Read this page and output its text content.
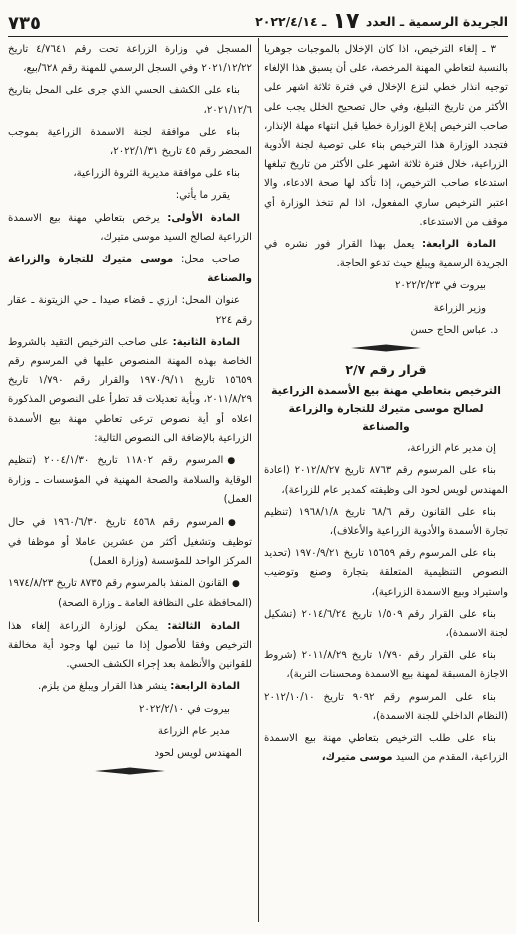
الجريدة الرسمية ـ العدد ١٧ ـ ٢٠٢٢/٤/١٤
٧٣٥

٣ ـ إلغاء الترخيص، اذا كان الإخلال بالموجبات جوهريا بالنسبة لتعاطي المهنة المرخصة، على أن يسبق هذا الإلغاء توجيه انذار خطي لنزع الإخلال في فترة ثلاثة اشهر على الأكثر من تاريخ التبليغ، وفي حال تصحيح الخلل يجب على صاحب الترخيص إبلاغ الوزارة خطيا قبل انتهاء مهلة الإنذار، فتجدد الوزارة هذا الترخيص بناء على توصية لجنة الأدوية الزراعية، خلال فترة ثلاثة اشهر على الأكثر من تاريخ تبلغها استدعاء صاحب الترخيص، إذا تأكد لها صحة الادعاء، والا اعتبر الترخيص ساري المفعول، اذا لم تتخذ الوزارة أي موقف من الاستدعاء.

المادة الرابعة: يعمل بهذا القرار فور نشره في الجريدة الرسمية ويبلغ حيث تدعو الحاجة.

بيروت في ٢٠٢٢/٢/٢٣

وزير الزراعة

د. عباس الحاج حسن

قرار رقم ٢/٧

الترخيص بتعاطي مهنة بيع الأسمدة الزراعية لصالح موسى متيرك للتجارة والزراعة والصناعة

إن مدير عام الزراعة،

بناء على المرسوم رقم ٨٧٦٣ تاريخ ٢٠١٢/٨/٢٧ (اعادة المهندس لويس لحود الى وظيفته كمدير عام للزراعة)،

بناء على القانون رقم ٦٨/٦ تاريخ ١٩٦٨/١/٨ (تنظيم تجارة الأسمدة والأدوية الزراعية والأعلاف)،

بناء على المرسوم رقم ١٥٦٥٩ تاريخ ١٩٧٠/٩/٢١ (تحديد النصوص التنظيمية المتعلقة بتجارة وصنع وتوضيب واستيراد وبيع الاسمدة الزراعية)،

بناء على القرار رقم ١/٥٠٩ تاريخ ٢٠١٤/٦/٢٤ (تشكيل لجنة الاسمدة)،

بناء على القرار رقم ١/٧٩٠ تاريخ ٢٠١١/٨/٢٩ (شروط الاجازة المسبقة لمهنة بيع الاسمدة ومحسنات التربة)،

بناء على المرسوم رقم ٩٠٩٢ تاريخ ٢٠١٢/١٠/١٠ (النظام الداخلي للجنة الاسمدة)،

بناء على طلب الترخيص بتعاطي مهنة بيع الاسمدة الزراعية، المقدم من السيد موسى متيرك،

المسجل في وزارة الزراعة تحت رقم ٤/٧٦٤١ تاريخ ٢٠٢١/١٢/٢٢ وفي السجل الرسمي للمهنة رقم ٦٢٨/بيع،

بناء على الكشف الحسي الذي جرى على المحل بتاريخ ٢٠٢١/١٢/٦،

بناء على موافقة لجنة الاسمدة الزراعية بموجب المحضر رقم ٤٥ تاريخ ٢٠٢٢/١/٣١،

بناء على موافقة مديرية الثروة الزراعية،

يقرر ما يأتي:

المادة الأولى: يرخص بتعاطي مهنة بيع الاسمدة الزراعية لصالح السيد موسى متيرك،

صاحب محل: موسى متيرك للتجارة والزراعة والصناعة

عنوان المحل: ارزي ـ قضاء صيدا ـ حي الزيتونة ـ عقار رقم ٢٢٤

المادة الثانية: على صاحب الترخيص التقيد بالشروط الخاصة بهذه المهنة المنصوص عليها في المرسوم رقم ١٥٦٥٩ تاريخ ١٩٧٠/٩/١١ والقرار رقم ١/٧٩٠ تاريخ ٢٠١١/٨/٢٩، وبأية تعديلات قد تطرأ على النصوص المذكورة اعلاه أو أية نصوص ترعى تعاطي مهنة بيع الأسمدة الزراعية بالإضافة الى النصوص التالية:

● المرسوم رقم ١١٨٠٢ تاريخ ٢٠٠٤/١/٣٠ (تنظيم الوقاية والسلامة والصحة المهنية في المؤسسات ـ وزارة العمل)

● المرسوم رقم ٤٥٦٨ تاريخ ١٩٦٠/٦/٣٠ في حال توظيف وتشغيل أكثر من عشرين عاملا أو موظفا في المركز الواحد للمؤسسة (وزارة العمل)

● القانون المنفذ بالمرسوم رقم ٨٧٣٥ تاريخ ١٩٧٤/٨/٢٣ (المحافظة على النظافة العامة ـ وزارة الصحة)

المادة الثالثة: يمكن لوزارة الزراعة إلغاء هذا الترخيص وفقا للأصول إذا ما تبين لها وجود أية مخالفة للقوانين والأنظمة بعد إجراء الكشف الحسي.

المادة الرابعة: ينشر هذا القرار ويبلغ من يلزم.

بيروت في ٢٠٢٢/٢/١٠

مدير عام الزراعة

المهندس لويس لحود
